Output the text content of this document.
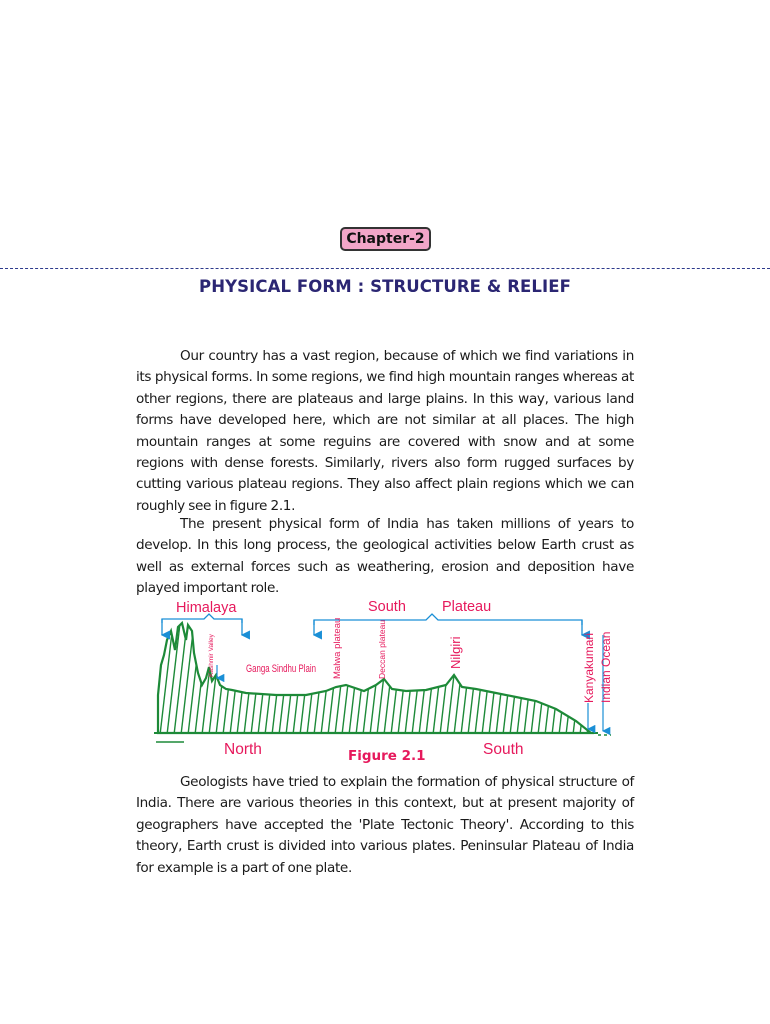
Chapter-2
PHYSICAL FORM : STRUCTURE & RELIEF

Our country has a vast region, because of which we find variations in its physical forms. In some regions, we find high mountain ranges whereas at other regions, there are plateaus and large plains. In this way, various land forms have developed here, which are not similar at all places. The high mountain ranges at some reguins are covered with snow and at some regions with dense forests. Similarly, rivers also form rugged surfaces by cutting various plateau regions. They also affect plain regions which we can roughly see in figure 2.1.

The present physical form of India has taken millions of years to develop. In this long process, the geological activities below Earth crust as well as external forces such as weathering, erosion and deposition have played important role.

Himalaya	South Plateau
Kashmir Valley	Ganga Sindhu Plain Malwa plateau	Deccan plateau	Nilgiri	Kanyakumari Indian Ocean
North	South
Figure 2.1

Geologists have tried to explain the formation of physical structure of India. There are various theories in this context, but at present majority of geographers have accepted the 'Plate Tectonic Theory'. According to this theory, Earth crust is divided into various plates. Peninsular Plateau of India for example is a part of one plate.
